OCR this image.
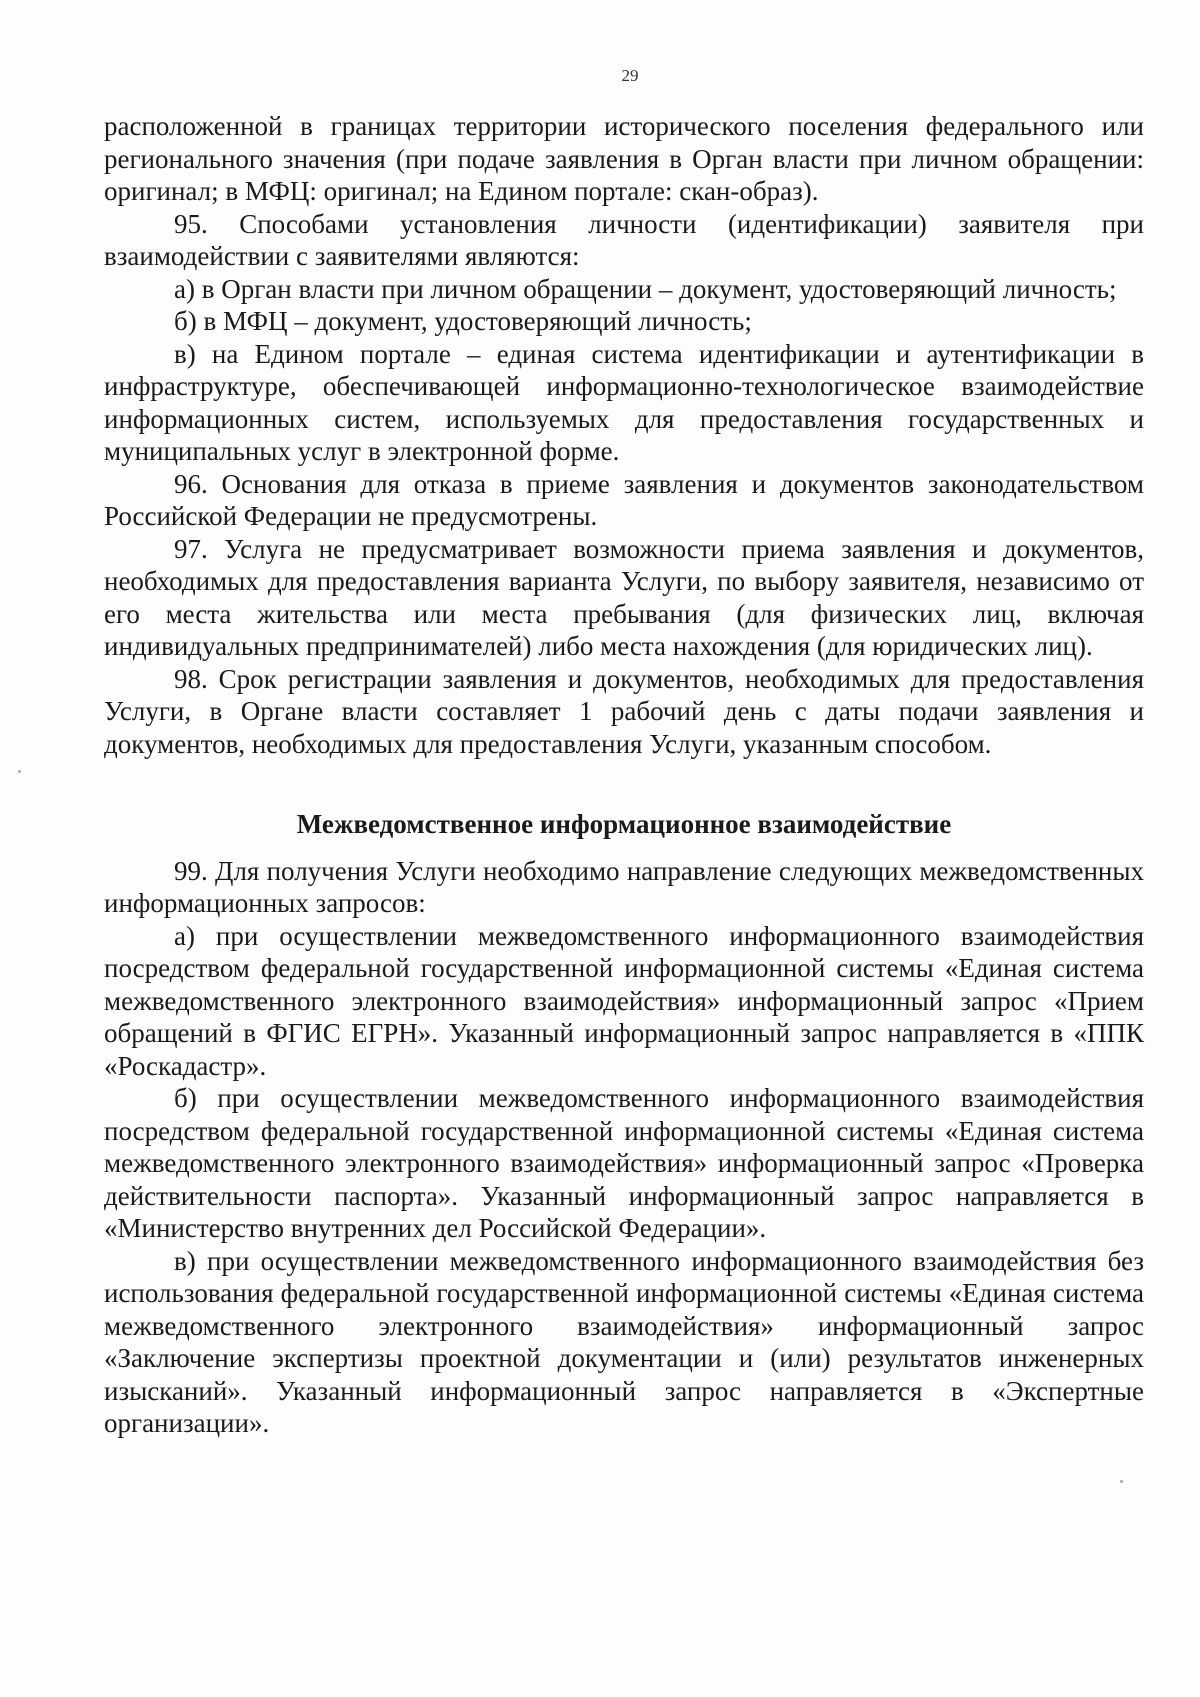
29

расположенной в границах территории исторического поселения федерального или регионального значения (при подаче заявления в Орган власти при личном обращении: оригинал; в МФЦ: оригинал; на Едином портале: скан-образ).

95. Способами установления личности (идентификации) заявителя при взаимодействии с заявителями являются:

а) в Орган власти при личном обращении – документ, удостоверяющий личность;

б) в МФЦ – документ, удостоверяющий личность;

в) на Едином портале – единая система идентификации и аутентификации в инфраструктуре, обеспечивающей информационно-технологическое взаимодействие информационных систем, используемых для предоставления государственных и муниципальных услуг в электронной форме.

96. Основания для отказа в приеме заявления и документов законодательством Российской Федерации не предусмотрены.

97. Услуга не предусматривает возможности приема заявления и документов, необходимых для предоставления варианта Услуги, по выбору заявителя, независимо от его места жительства или места пребывания (для физических лиц, включая индивидуальных предпринимателей) либо места нахождения (для юридических лиц).

98. Срок регистрации заявления и документов, необходимых для предоставления Услуги, в Органе власти составляет 1 рабочий день с даты подачи заявления и документов, необходимых для предоставления Услуги, указанным способом.

Межведомственное информационное взаимодействие

99. Для получения Услуги необходимо направление следующих межведомственных информационных запросов:

а) при осуществлении межведомственного информационного взаимодействия посредством федеральной государственной информационной системы «Единая система межведомственного электронного взаимодействия» информационный запрос «Прием обращений в ФГИС ЕГРН». Указанный информационный запрос направляется в «ППК «Роскадастр».

б) при осуществлении межведомственного информационного взаимодействия посредством федеральной государственной информационной системы «Единая система межведомственного электронного взаимодействия» информационный запрос «Проверка действительности паспорта». Указанный информационный запрос направляется в «Министерство внутренних дел Российской Федерации».

в) при осуществлении межведомственного информационного взаимодействия без использования федеральной государственной информационной системы «Единая система межведомственного электронного взаимодействия» информационный запрос «Заключение экспертизы проектной документации и (или) результатов инженерных изысканий». Указанный информационный запрос направляется в «Экспертные организации».
